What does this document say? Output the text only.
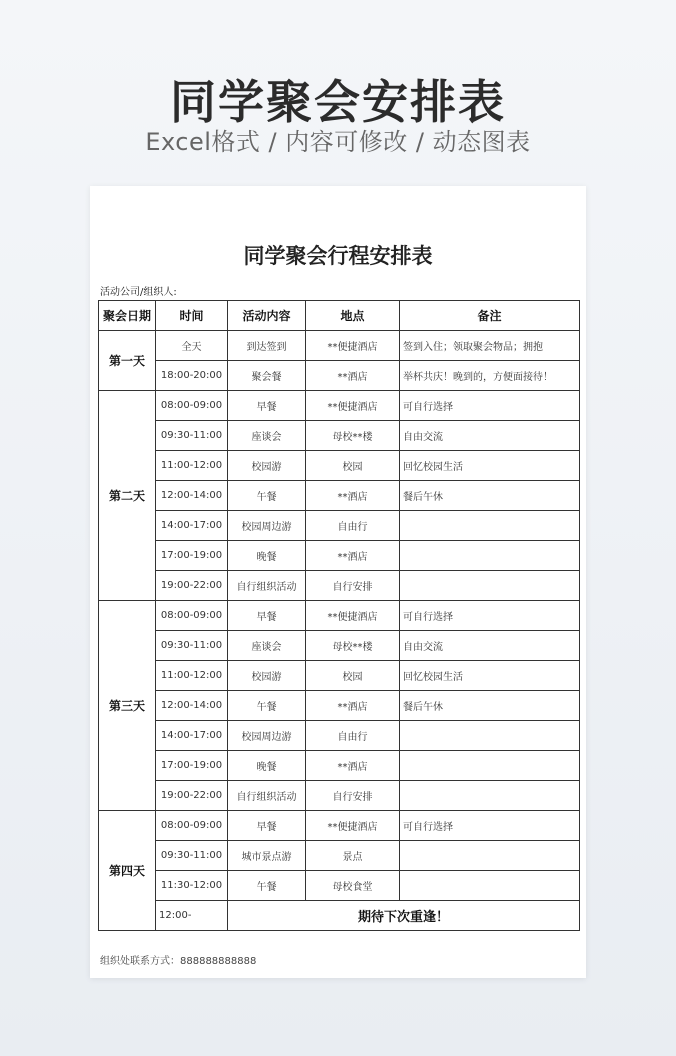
同学聚会安排表
Excel格式 / 内容可修改 / 动态图表
同学聚会行程安排表
活动公司/组织人:
聚会日期	时间	活动内容	地点	备注
第一天	全天	到达签到	**便捷酒店	签到入住；领取聚会物品；拥抱
	18:00-20:00	聚会餐	**酒店	举杯共庆！晚到的，方便面接待！
第二天	08:00-09:00	早餐	**便捷酒店	可自行选择
	09:30-11:00	座谈会	母校**楼	自由交流
	11:00-12:00	校园游	校园	回忆校园生活
	12:00-14:00	午餐	**酒店	餐后午休
	14:00-17:00	校园周边游	自由行	
	17:00-19:00	晚餐	**酒店	
	19:00-22:00	自行组织活动	自行安排	
第三天	08:00-09:00	早餐	**便捷酒店	可自行选择
	09:30-11:00	座谈会	母校**楼	自由交流
	11:00-12:00	校园游	校园	回忆校园生活
	12:00-14:00	午餐	**酒店	餐后午休
	14:00-17:00	校园周边游	自由行	
	17:00-19:00	晚餐	**酒店	
	19:00-22:00	自行组织活动	自行安排	
第四天	08:00-09:00	早餐	**便捷酒店	可自行选择
	09:30-11:00	城市景点游	景点	
	11:30-12:00	午餐	母校食堂	
	12:00-	期待下次重逢！		
组织处联系方式：888888888888
